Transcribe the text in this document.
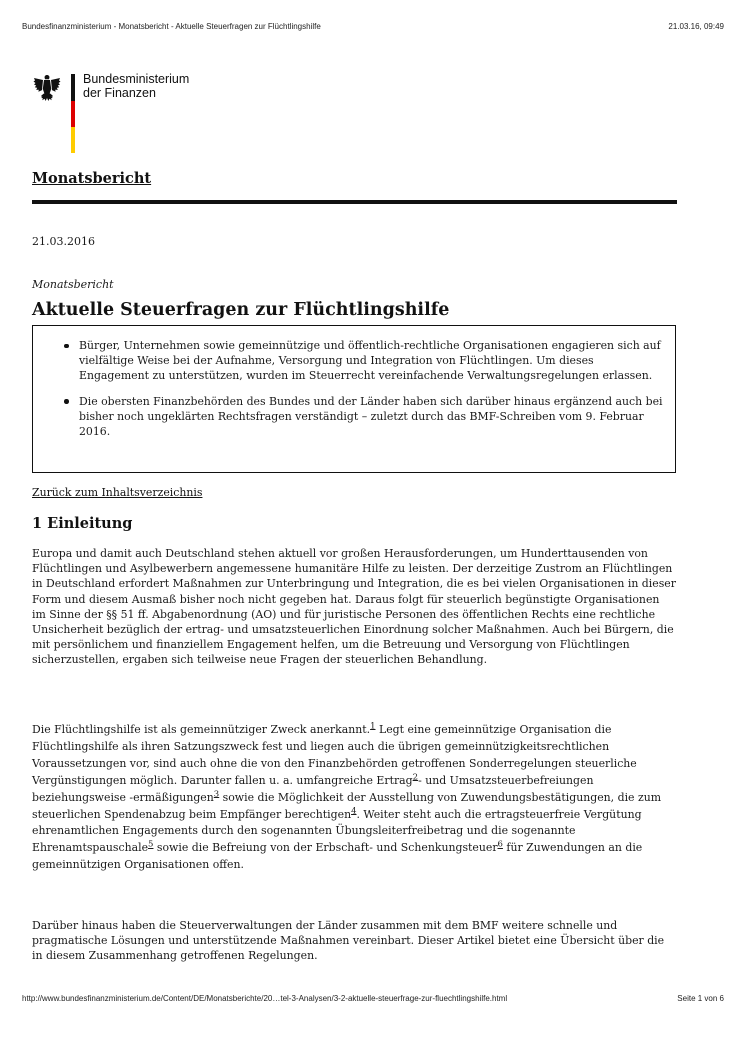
Bundesfinanzministerium - Monatsbericht - Aktuelle Steuerfragen zur Flüchtlingshilfe	21.03.16, 09:49
Bundesministerium
der Finanzen
Monatsbericht
21.03.2016
Monatsbericht
Aktuelle Steuerfragen zur Flüchtlingshilfe
Bürger, Unternehmen sowie gemeinnützige und öffentlich-rechtliche Organisationen engagieren sich auf vielfältige Weise bei der Aufnahme, Versorgung und Integration von Flüchtlingen. Um dieses Engagement zu unterstützen, wurden im Steuerrecht vereinfachende Verwaltungsregelungen erlassen.
Die obersten Finanzbehörden des Bundes und der Länder haben sich darüber hinaus ergänzend auch bei bisher noch ungeklärten Rechtsfragen verständigt – zuletzt durch das BMF-Schreiben vom 9. Februar 2016.
Zurück zum Inhaltsverzeichnis
1 Einleitung

Europa und damit auch Deutschland stehen aktuell vor großen Herausforderungen, um Hunderttausenden von Flüchtlingen und Asylbewerbern angemessene humanitäre Hilfe zu leisten. Der derzeitige Zustrom an Flüchtlingen in Deutschland erfordert Maßnahmen zur Unterbringung und Integration, die es bei vielen Organisationen in dieser Form und diesem Ausmaß bisher noch nicht gegeben hat. Daraus folgt für steuerlich begünstigte Organisationen im Sinne der §§ 51 ff. Abgabenordnung (AO) und für juristische Personen des öffentlichen Rechts eine rechtliche Unsicherheit bezüglich der ertrag- und umsatzsteuerlichen Einordnung solcher Maßnahmen. Auch bei Bürgern, die mit persönlichem und finanziellem Engagement helfen, um die Betreuung und Versorgung von Flüchtlingen sicherzustellen, ergaben sich teilweise neue Fragen der steuerlichen Behandlung.

Die Flüchtlingshilfe ist als gemeinnütziger Zweck anerkannt.$^1$ Legt eine gemeinnützige Organisation die Flüchtlingshilfe als ihren Satzungszweck fest und liegen auch die übrigen gemeinnützigkeitsrechtlichen Voraussetzungen vor, sind auch ohne die von den Finanzbehörden getroffenen Sonderregelungen steuerliche Vergünstigungen möglich. Darunter fallen u. a. umfangreiche Ertrag$^2$- und Umsatzsteuerbefreiungen beziehungsweise -ermäßigungen$^3$ sowie die Möglichkeit der Ausstellung von Zuwendungsbestätigungen, die zum steuerlichen Spendenabzug beim Empfänger berechtigen$^4$. Weiter steht auch die ertragsteuerfreie Vergütung ehrenamtlichen Engagements durch den sogenannten Übungsleiterfreibetrag und die sogenannte Ehrenamtspauschale$^5$ sowie die Befreiung von der Erbschaft- und Schenkungsteuer$^6$ für Zuwendungen an die gemeinnützigen Organisationen offen.

Darüber hinaus haben die Steuerverwaltungen der Länder zusammen mit dem BMF weitere schnelle und pragmatische Lösungen und unterstützende Maßnahmen vereinbart. Dieser Artikel bietet eine Übersicht über die in diesem Zusammenhang getroffenen Regelungen.

http://www.bundesfinanzministerium.de/Content/DE/Monatsberichte/20…tel-3-Analysen/3-2-aktuelle-steuerfrage-zur-fluechtlingshilfe.html	Seite 1 von 6
